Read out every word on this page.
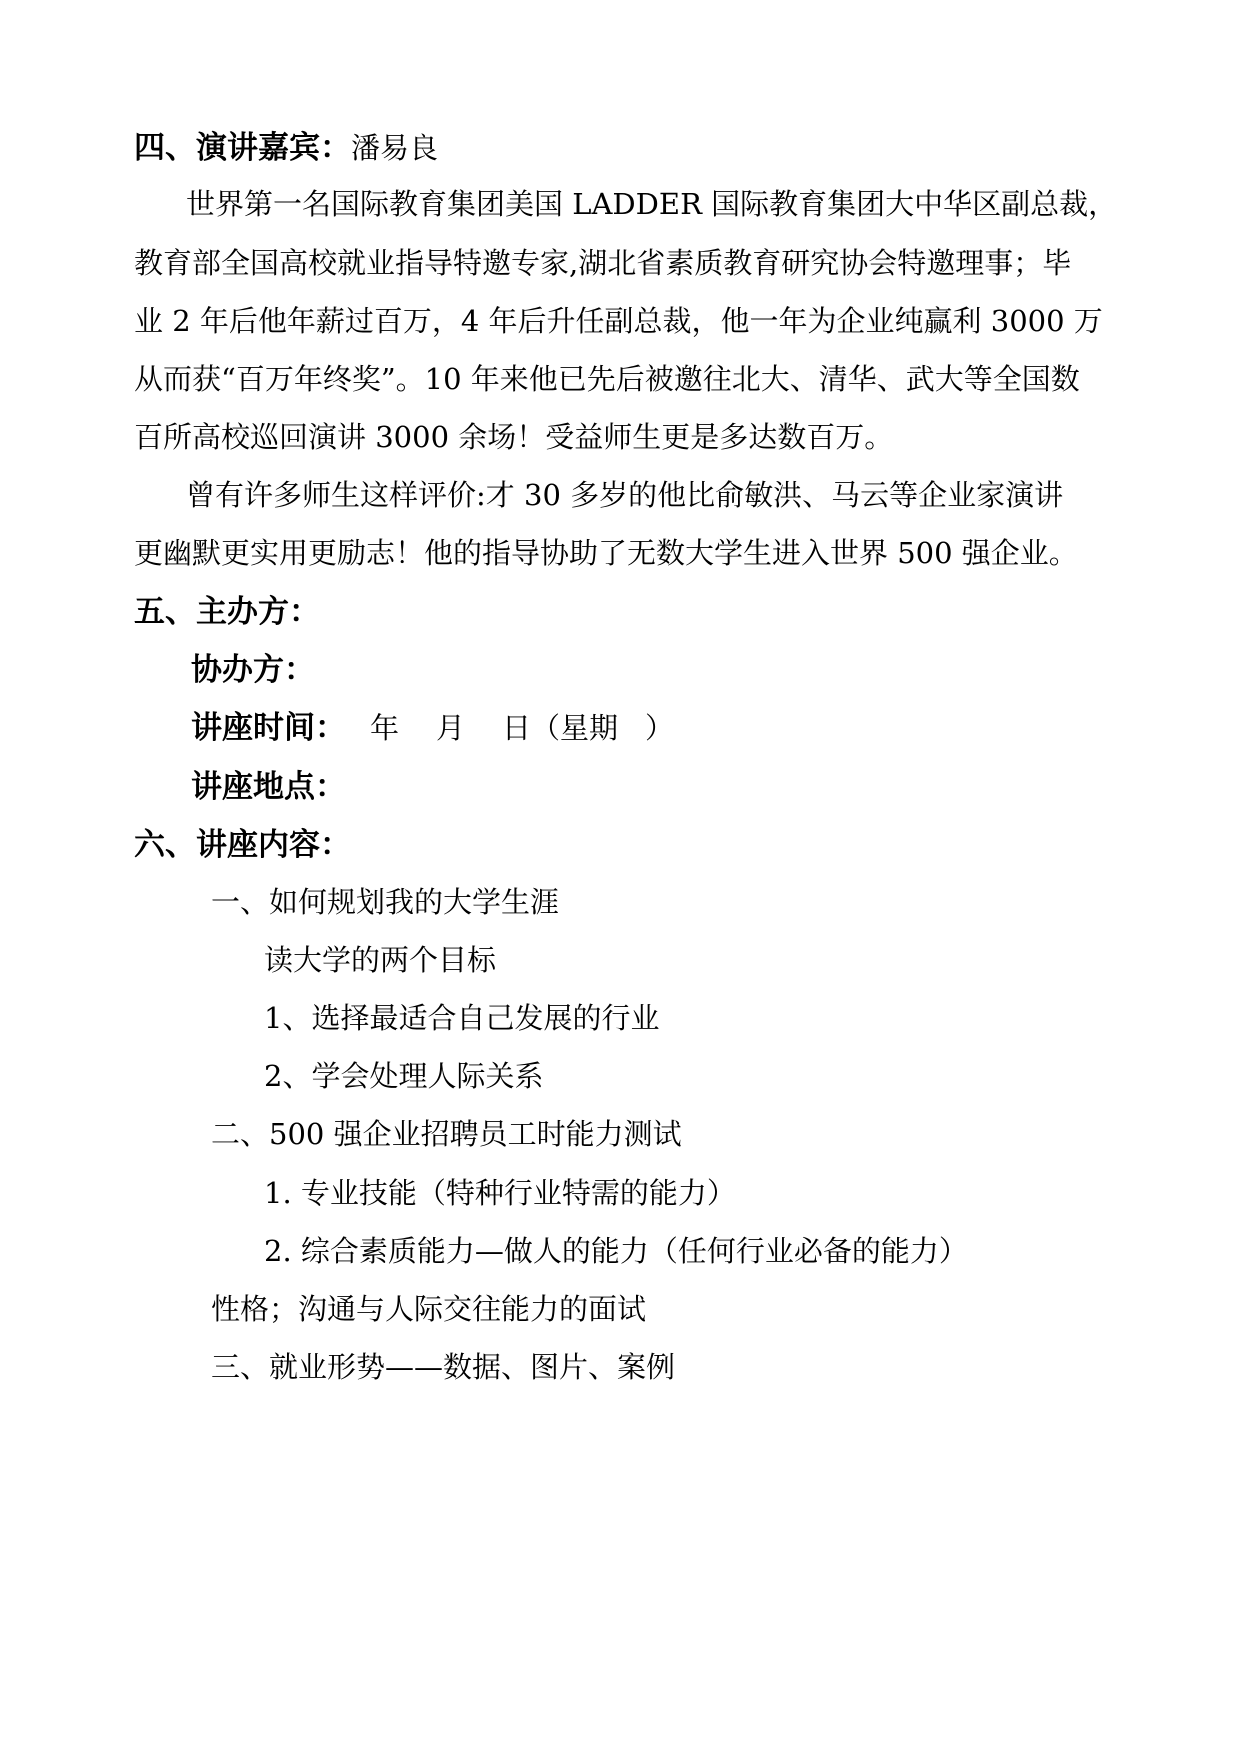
四、演讲嘉宾：潘易良
世界第一名国际教育集团美国 LADDER 国际教育集团大中华区副总裁，
教育部全国高校就业指导特邀专家,湖北省素质教育研究协会特邀理事；毕
业 2 年后他年薪过百万，4 年后升任副总裁，他一年为企业纯赢利 3000 万
从而获“百万年终奖”。10 年来他已先后被邀往北大、清华、武大等全国数
百所高校巡回演讲 3000 余场！受益师生更是多达数百万。
曾有许多师生这样评价:才 30 多岁的他比俞敏洪、马云等企业家演讲
更幽默更实用更励志！他的指导协助了无数大学生进入世界 500 强企业。
五、主办方：
协办方：
讲座时间： 年 月 日（星期 ）
讲座地点：
六、讲座内容：
一、如何规划我的大学生涯
读大学的两个目标
1、选择最适合自己发展的行业
2、学会处理人际关系
二、500 强企业招聘员工时能力测试
1. 专业技能（特种行业特需的能力）
2. 综合素质能力—做人的能力（任何行业必备的能力）
性格；沟通与人际交往能力的面试
三、就业形势——数据、图片、案例
